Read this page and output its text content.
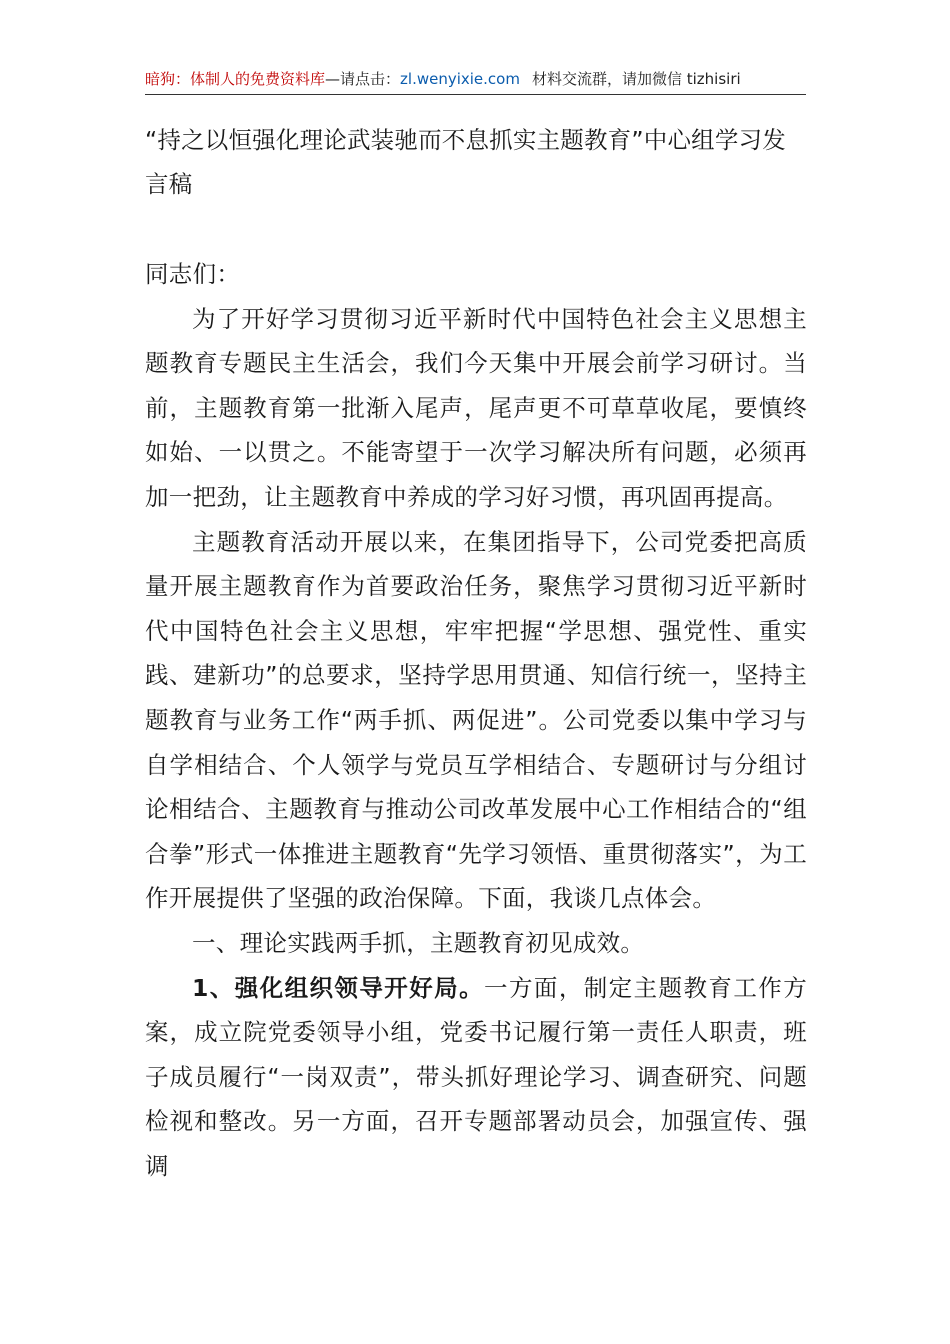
暗狗：体制人的免费资料库—请点击：zl.wenyixie.com 材料交流群，请加微信 tizhisiri
“持之以恒强化理论武装驰而不息抓实主题教育”中心组学习发言稿

同志们：

为了开好学习贯彻习近平新时代中国特色社会主义思想主题教育专题民主生活会，我们今天集中开展会前学习研讨。当前，主题教育第一批渐入尾声，尾声更不可草草收尾，要慎终如始、一以贯之。不能寄望于一次学习解决所有问题，必须再加一把劲，让主题教育中养成的学习好习惯，再巩固再提高。

主题教育活动开展以来，在集团指导下，公司党委把高质量开展主题教育作为首要政治任务，聚焦学习贯彻习近平新时代中国特色社会主义思想，牢牢把握“学思想、强党性、重实践、建新功”的总要求，坚持学思用贯通、知信行统一，坚持主题教育与业务工作“两手抓、两促进”。公司党委以集中学习与自学相结合、个人领学与党员互学相结合、专题研讨与分组讨论相结合、主题教育与推动公司改革发展中心工作相结合的“组合拳”形式一体推进主题教育“先学习领悟、重贯彻落实”，为工作开展提供了坚强的政治保障。下面，我谈几点体会。

一、理论实践两手抓，主题教育初见成效。

1、强化组织领导开好局。一方面，制定主题教育工作方案，成立院党委领导小组，党委书记履行第一责任人职责，班子成员履行“一岗双责”，带头抓好理论学习、调查研究、问题检视和整改。另一方面，召开专题部署动员会，加强宣传、强调
